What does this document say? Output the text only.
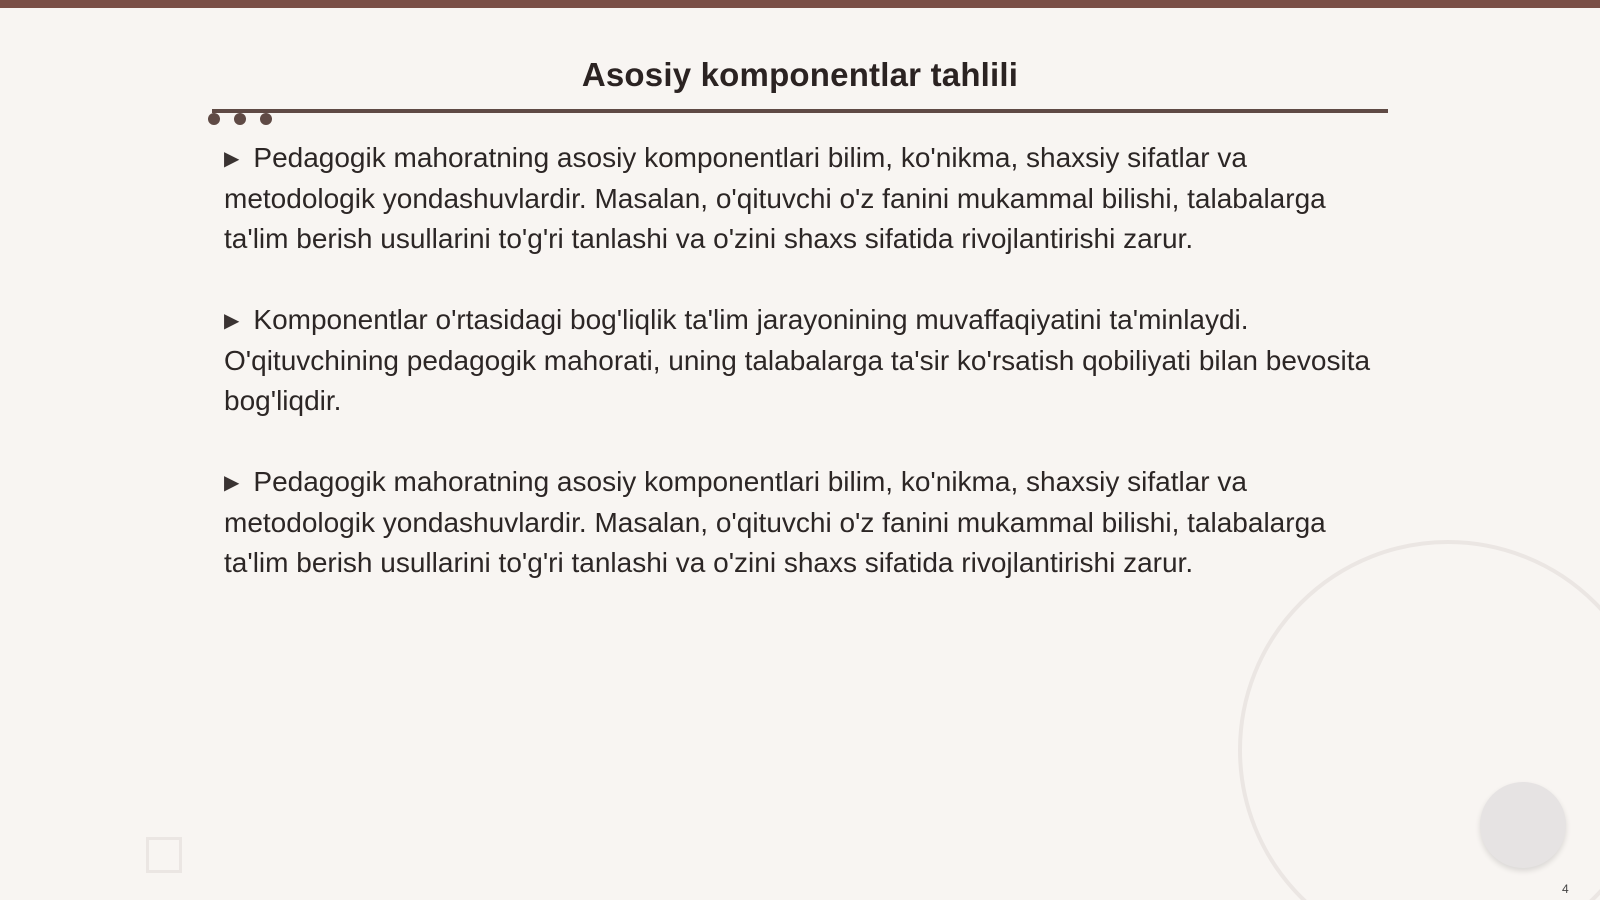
Asosiy komponentlar tahlili

▶ Pedagogik mahoratning asosiy komponentlari bilim, ko'nikma, shaxsiy sifatlar va metodologik yondashuvlardir. Masalan, o'qituvchi o'z fanini mukammal bilishi, talabalarga ta'lim berish usullarini to'g'ri tanlashi va o'zini shaxs sifatida rivojlantirishi zarur.

▶ Komponentlar o'rtasidagi bog'liqlik ta'lim jarayonining muvaffaqiyatini ta'minlaydi. O'qituvchining pedagogik mahorati, uning talabalarga ta'sir ko'rsatish qobiliyati bilan bevosita bog'liqdir.

▶ Pedagogik mahoratning asosiy komponentlari bilim, ko'nikma, shaxsiy sifatlar va metodologik yondashuvlardir. Masalan, o'qituvchi o'z fanini mukammal bilishi, talabalarga ta'lim berish usullarini to'g'ri tanlashi va o'zini shaxs sifatida rivojlantirishi zarur.

4
